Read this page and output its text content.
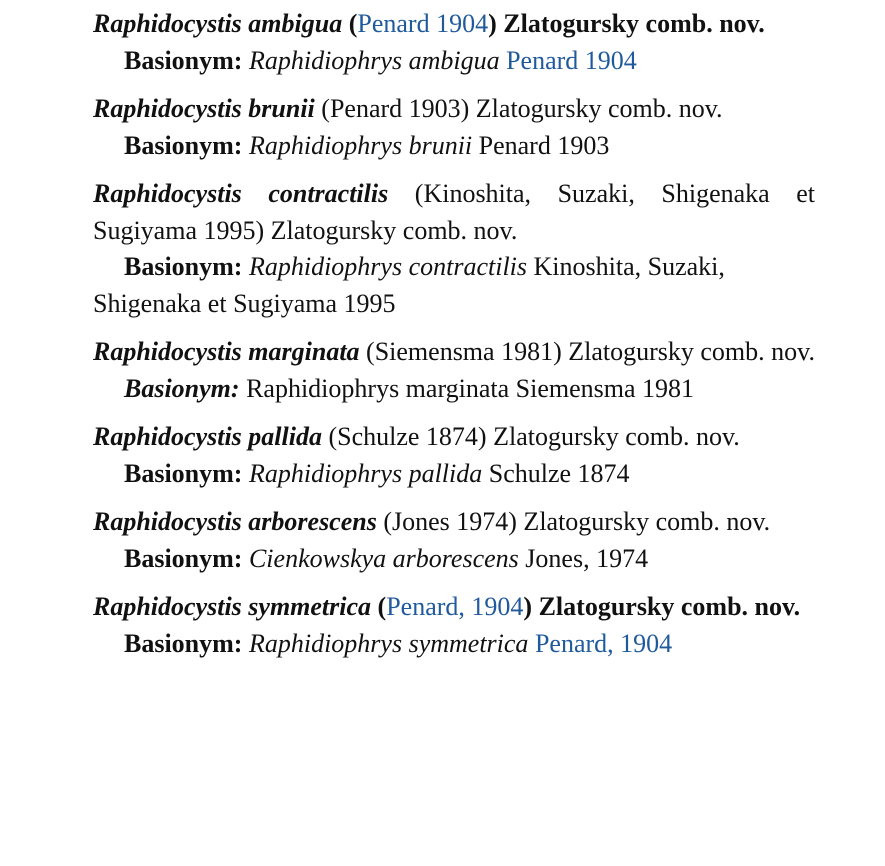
Raphidocystis ambigua (Penard 1904) Zlatogursky comb. nov.
Basionym: Raphidiophrys ambigua Penard 1904
Raphidocystis brunii (Penard 1903) Zlatogursky comb. nov.
Basionym: Raphidiophrys brunii Penard 1903
Raphidocystis contractilis (Kinoshita, Suzaki, Shigenaka et Sugiyama 1995) Zlatogursky comb. nov.
Basionym: Raphidiophrys contractilis Kinoshita, Suzaki, Shigenaka et Sugiyama 1995
Raphidocystis marginata (Siemensma 1981) Zlatogursky comb. nov.
Basionym: Raphidiophrys marginata Siemensma 1981
Raphidocystis pallida (Schulze 1874) Zlatogursky comb. nov.
Basionym: Raphidiophrys pallida Schulze 1874
Raphidocystis arborescens (Jones 1974) Zlatogursky comb. nov.
Basionym: Cienkowskya arborescens Jones, 1974
Raphidocystis symmetrica (Penard, 1904) Zlatogursky comb. nov.
Basionym: Raphidiophrys symmetrica Penard, 1904
